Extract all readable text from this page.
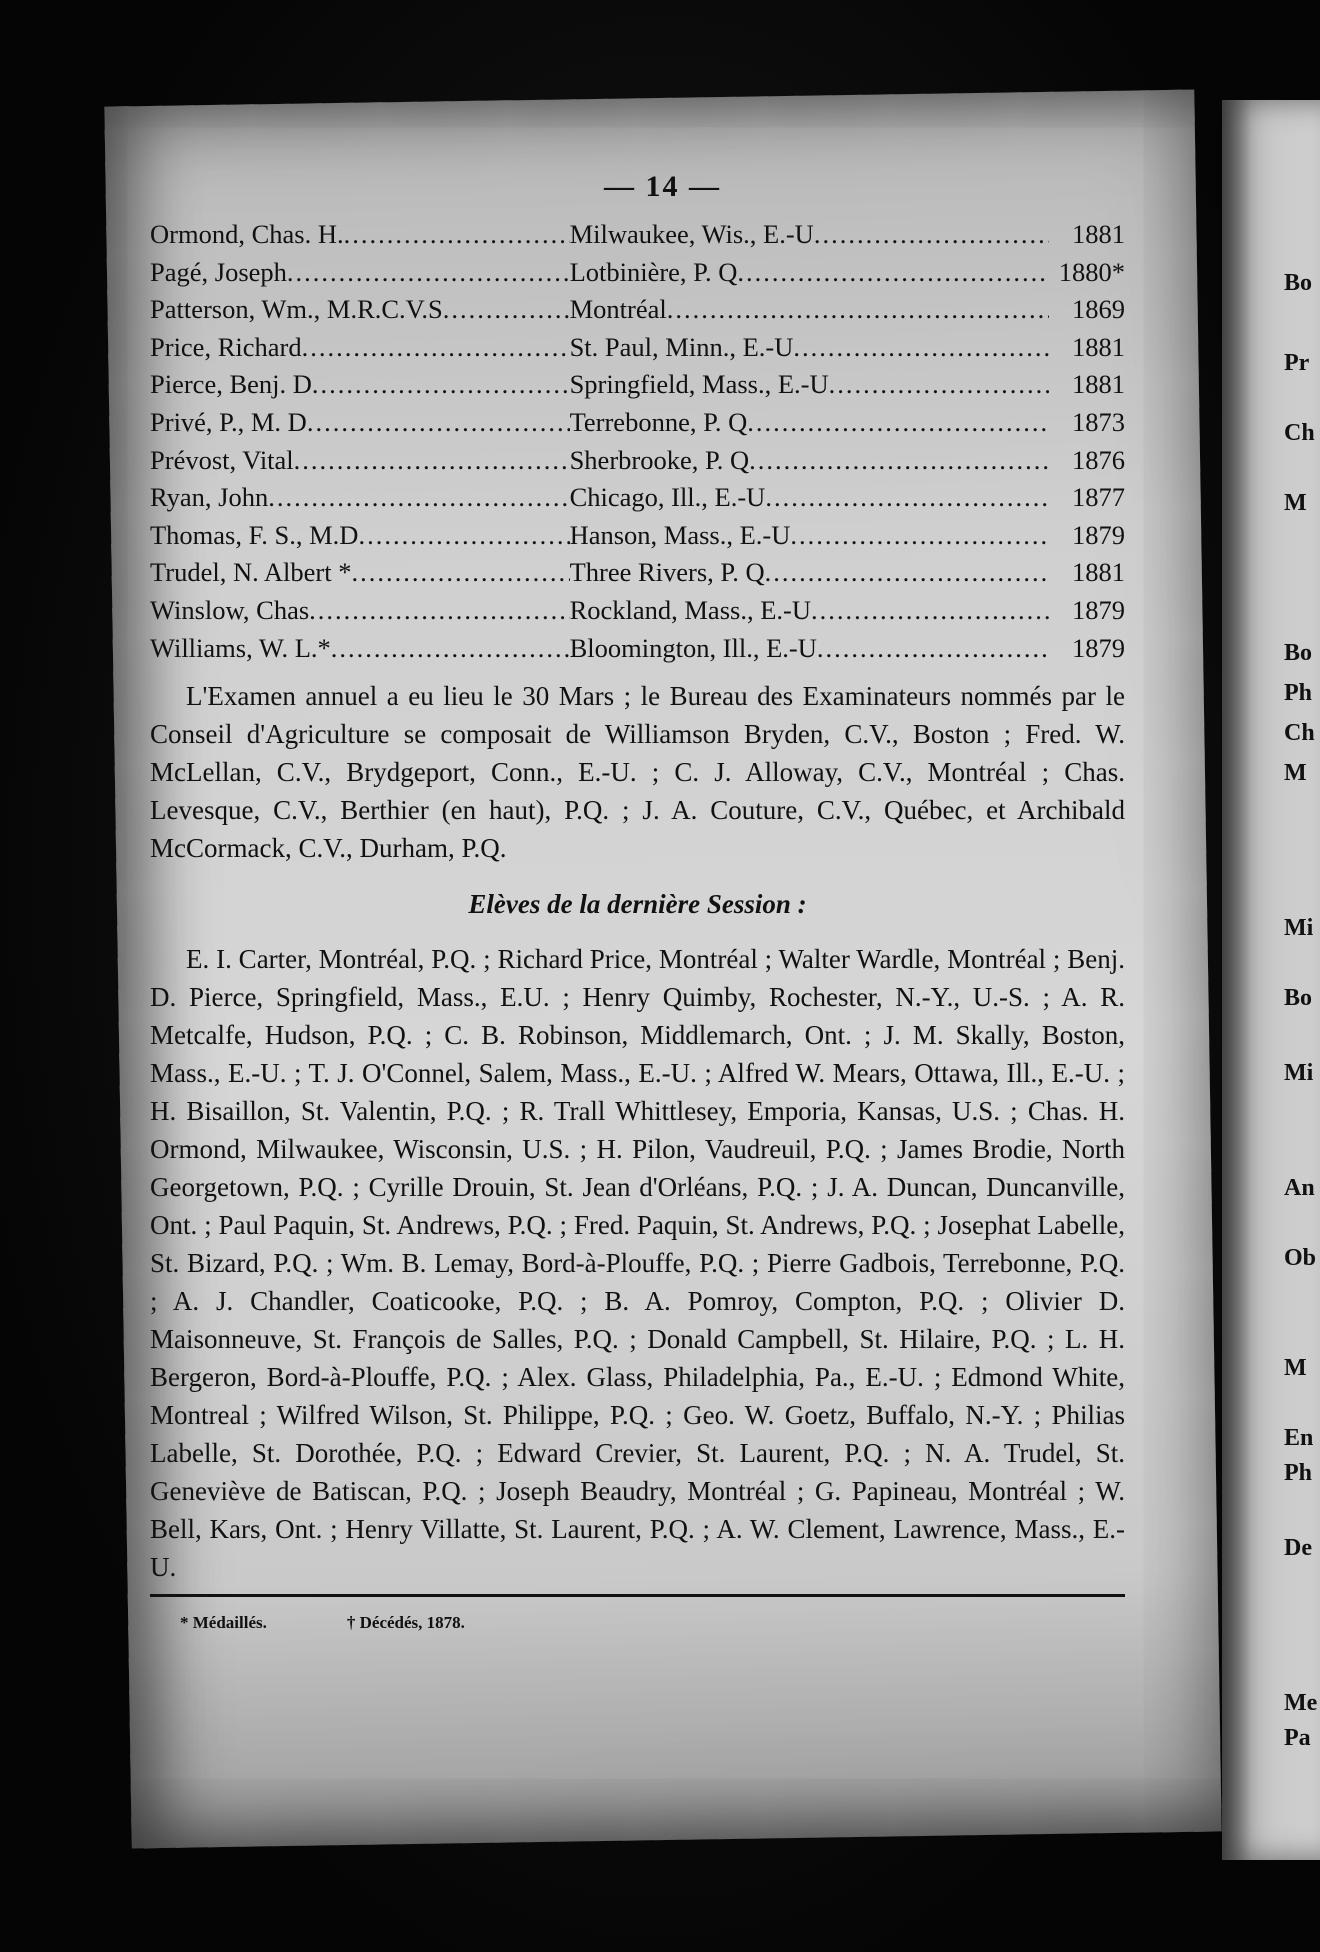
Bo
Pr
Ch
M
Bo
Ph
Ch
M
Mi
Bo
Mi
An
Ob
M
En
Ph
De
Me
Pa
— 14 —
Ormond, Chas. H. .....	Milwaukee, Wis., E.-U .....	1881
Pagé, Joseph .....	Lotbinière, P. Q .....	1880*
Patterson, Wm., M.R.C.V.S .....	Montréal .....	1869
Price, Richard .....	St. Paul, Minn., E.-U .....	1881
Pierce, Benj. D .....	Springfield, Mass., E.-U .....	1881
Privé, P., M. D .....	Terrebonne, P. Q .....	1873
Prévost, Vital .....	Sherbrooke, P. Q .....	1876
Ryan, John .....	Chicago, Ill., E.-U .....	1877
Thomas, F. S., M.D .....	Hanson, Mass., E.-U .....	1879
Trudel, N. Albert * .....	Three Rivers, P. Q .....	1881
Winslow, Chas .....	Rockland, Mass., E.-U .....	1879
Williams, W. L.* .....	Bloomington, Ill., E.-U .....	1879

L'Examen annuel a eu lieu le 30 Mars ; le Bureau des Examinateurs nommés par le Conseil d'Agriculture se composait de Williamson Bryden, C.V., Boston ; Fred. W. McLellan, C.V., Brydgeport, Conn., E.-U. ; C. J. Alloway, C.V., Montréal ; Chas. Levesque, C.V., Berthier (en haut), P.Q. ; J. A. Couture, C.V., Québec, et Archibald McCormack, C.V., Durham, P.Q.

Elèves de la dernière Session :

E. I. Carter, Montréal, P.Q. ; Richard Price, Montréal ; Walter Wardle, Montréal ; Benj. D. Pierce, Springfield, Mass., E.U. ; Henry Quimby, Rochester, N.-Y., U.-S. ; A. R. Metcalfe, Hudson, P.Q. ; C. B. Robinson, Middlemarch, Ont. ; J. M. Skally, Boston, Mass., E.-U. ; T. J. O'Connel, Salem, Mass., E.-U. ; Alfred W. Mears, Ottawa, Ill., E.-U. ; H. Bisaillon, St. Valentin, P.Q. ; R. Trall Whittlesey, Emporia, Kansas, U.S. ; Chas. H. Ormond, Milwaukee, Wisconsin, U.S. ; H. Pilon, Vaudreuil, P.Q. ; James Brodie, North Georgetown, P.Q. ; Cyrille Drouin, St. Jean d'Orléans, P.Q. ; J. A. Duncan, Duncanville, Ont. ; Paul Paquin, St. Andrews, P.Q. ; Fred. Paquin, St. Andrews, P.Q. ; Josephat Labelle, St. Bizard, P.Q. ; Wm. B. Lemay, Bord-à-Plouffe, P.Q. ; Pierre Gadbois, Terrebonne, P.Q. ; A. J. Chandler, Coaticooke, P.Q. ; B. A. Pomroy, Compton, P.Q. ; Olivier D. Maisonneuve, St. François de Salles, P.Q. ; Donald Campbell, St. Hilaire, P.Q. ; L. H. Bergeron, Bord-à-Plouffe, P.Q. ; Alex. Glass, Philadelphia, Pa., E.-U. ; Edmond White, Montreal ; Wilfred Wilson, St. Philippe, P.Q. ; Geo. W. Goetz, Buffalo, N.-Y. ; Philias Labelle, St. Dorothée, P.Q. ; Edward Crevier, St. Laurent, P.Q. ; N. A. Trudel, St. Geneviève de Batiscan, P.Q. ; Joseph Beaudry, Montréal ; G. Papineau, Montréal ; W. Bell, Kars, Ont. ; Henry Villatte, St. Laurent, P.Q. ; A. W. Clement, Lawrence, Mass., E.-U.

* Médaillés.	† Décédés, 1878.
